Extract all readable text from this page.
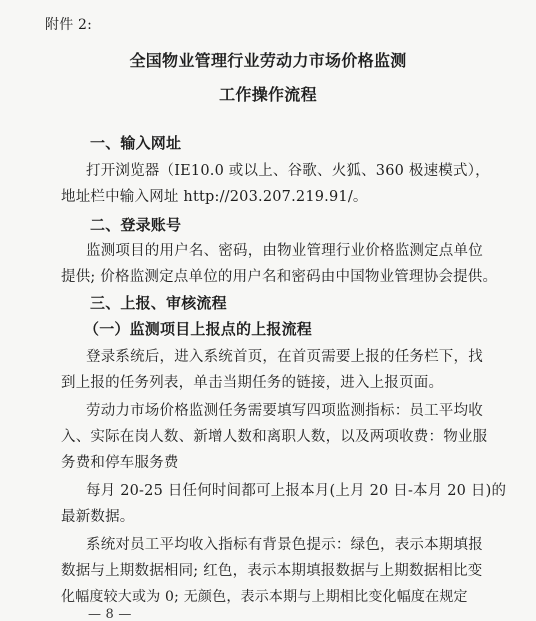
附件 2:
全国物业管理行业劳动力市场价格监测
工作操作流程
一、输入网址
打开浏览器（IE10.0 或以上、谷歌、火狐、360 极速模式），
地址栏中输入网址 http://203.207.219.91/。
二、登录账号
监测项目的用户名、密码，由物业管理行业价格监测定点单位
提供; 价格监测定点单位的用户名和密码由中国物业管理协会提供。
三、上报、审核流程
（一）监测项目上报点的上报流程
登录系统后，进入系统首页，在首页需要上报的任务栏下，找
到上报的任务列表，单击当期任务的链接，进入上报页面。
劳动力市场价格监测任务需要填写四项监测指标：员工平均收
入、实际在岗人数、新增人数和离职人数，以及两项收费：物业服
务费和停车服务费
每月 20-25 日任何时间都可上报本月(上月 20 日-本月 20 日)的
最新数据。
系统对员工平均收入指标有背景色提示：绿色，表示本期填报
数据与上期数据相同; 红色，表示本期填报数据与上期数据相比变
化幅度较大或为 0; 无颜色，表示本期与上期相比变化幅度在规定
— 8 —
